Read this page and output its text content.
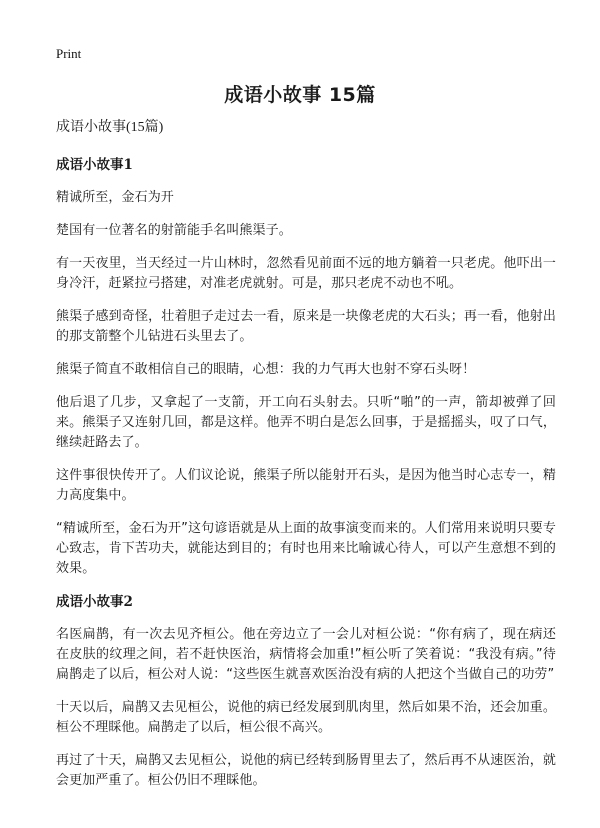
Print
成语小故事 15篇

成语小故事(15篇)

成语小故事1

精诚所至，金石为开

楚国有一位著名的射箭能手名叫熊渠子。

有一天夜里，当天经过一片山林时，忽然看见前面不远的地方躺着一只老虎。他吓出一身冷汗，赶紧拉弓搭建，对准老虎就射。可是，那只老虎不动也不吼。

熊渠子感到奇怪，壮着胆子走过去一看，原来是一块像老虎的大石头；再一看，他射出的那支箭整个儿钻进石头里去了。

熊渠子简直不敢相信自己的眼睛，心想：我的力气再大也射不穿石头呀！

他后退了几步，又拿起了一支箭，开工向石头射去。只听“啪”的一声，箭却被弹了回来。熊渠子又连射几回，都是这样。他弄不明白是怎么回事，于是摇摇头，叹了口气，继续赶路去了。

这件事很快传开了。人们议论说，熊渠子所以能射开石头，是因为他当时心志专一，精力高度集中。

“精诚所至，金石为开”这句谚语就是从上面的故事演变而来的。人们常用来说明只要专心致志，肯下苦功夫，就能达到目的；有时也用来比喻诚心待人，可以产生意想不到的效果。

成语小故事2

名医扁鹊，有一次去见齐桓公。他在旁边立了一会儿对桓公说：“你有病了，现在病还在皮肤的纹理之间，若不赶快医治，病情将会加重!”桓公听了笑着说：“我没有病。”待扁鹊走了以后，桓公对人说：“这些医生就喜欢医治没有病的人把这个当做自己的功劳”

十天以后，扁鹊又去见桓公，说他的病已经发展到肌肉里，然后如果不治，还会加重。桓公不理睬他。扁鹊走了以后，桓公很不高兴。

再过了十天，扁鹊又去见桓公，说他的病已经转到肠胃里去了，然后再不从速医治，就会更加严重了。桓公仍旧不理睬他。
